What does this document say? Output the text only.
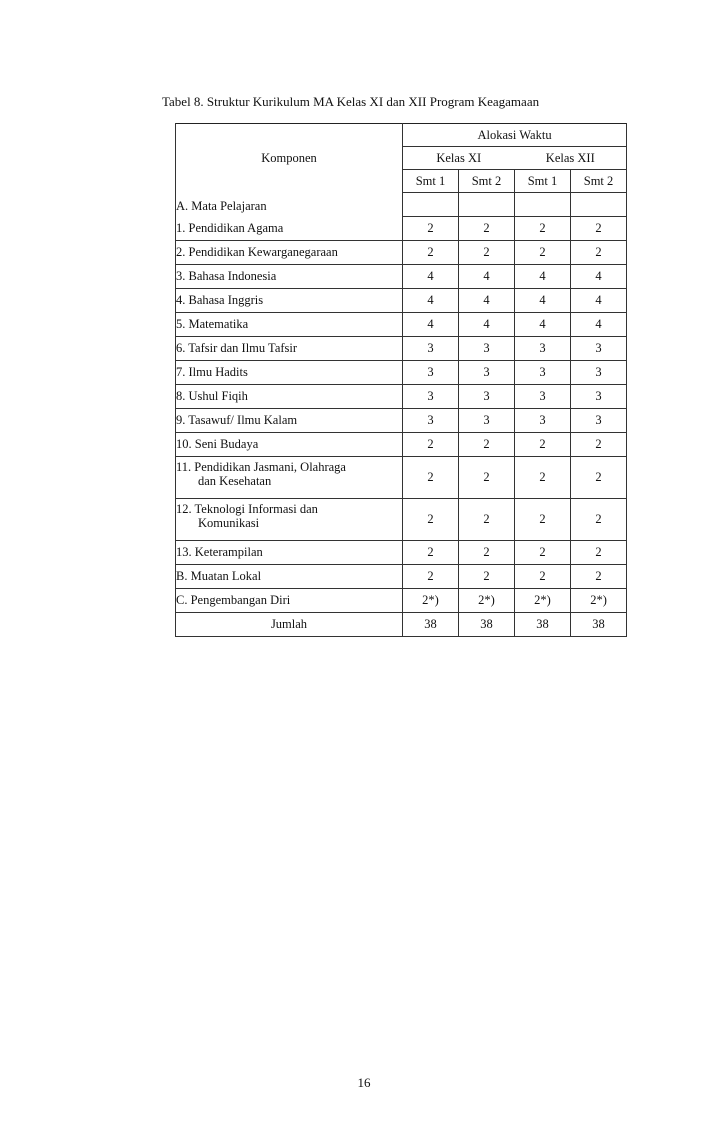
Tabel 8. Struktur Kurikulum MA Kelas XI dan XII Program Keagamaan
Komponen	Alokasi Waktu			
	Kelas XI		Kelas XII	
	Smt 1	Smt 2	Smt 1	Smt 2
A. Mata Pelajaran				
1. Pendidikan Agama	2	2	2	2
2. Pendidikan Kewarganegaraan	2	2	2	2
3. Bahasa Indonesia	4	4	4	4
4. Bahasa Inggris	4	4	4	4
5. Matematika	4	4	4	4
6. Tafsir dan Ilmu Tafsir	3	3	3	3
7. Ilmu Hadits	3	3	3	3
8. Ushul Fiqih	3	3	3	3
9. Tasawuf/ Ilmu Kalam	3	3	3	3
10. Seni Budaya	2	2	2	2
11. Pendidikan Jasmani, Olahraga
dan Kesehatan	2	2	2	2
12. Teknologi Informasi dan
Komunikasi	2	2	2	2
13. Keterampilan	2	2	2	2
B. Muatan Lokal	2	2	2	2
C. Pengembangan Diri	2*)	2*)	2*)	2*)
Jumlah	38	38	38	38
16
